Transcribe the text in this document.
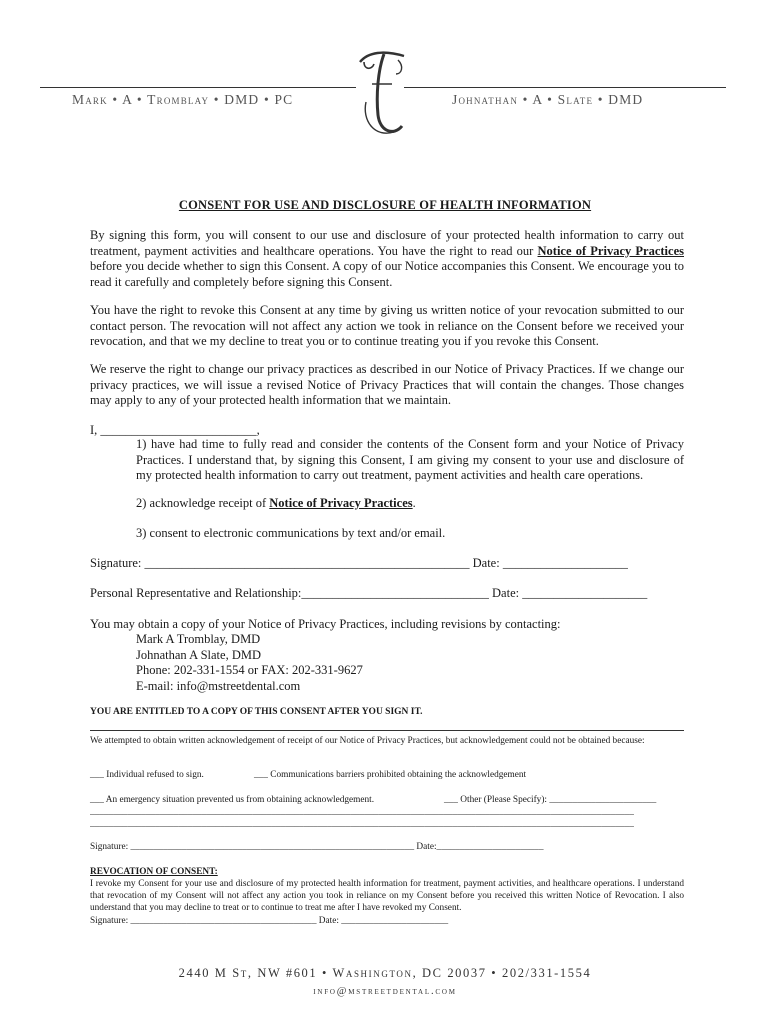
Mark • A • Tromblay • DMD • PC	Johnathan • A • Slate • DMD
CONSENT FOR USE AND DISCLOSURE OF HEALTH INFORMATION

By signing this form, you will consent to our use and disclosure of your protected health information to carry out treatment, payment activities and healthcare operations. You have the right to read our Notice of Privacy Practices before you decide whether to sign this Consent. A copy of our Notice accompanies this Consent. We encourage you to read it carefully and completely before signing this Consent.

You have the right to revoke this Consent at any time by giving us written notice of your revocation submitted to our contact person. The revocation will not affect any action we took in reliance on the Consent before we received your revocation, and that we my decline to treat you or to continue treating you if you revoke this Consent.

We reserve the right to change our privacy practices as described in our Notice of Privacy Practices. If we change our privacy practices, we will issue a revised Notice of Privacy Practices that will contain the changes. Those changes may apply to any of your protected health information that we maintain.

I, _________________________,

1) have had time to fully read and consider the contents of the Consent form and your Notice of Privacy Practices. I understand that, by signing this Consent, I am giving my consent to your use and disclosure of my protected health information to carry out treatment, payment activities and health care operations.

2) acknowledge receipt of Notice of Privacy Practices.
3) consent to electronic communications by text and/or email.
Signature: ____________________________________________________ Date: ____________________
Personal Representative and Relationship:______________________________ Date: ____________________
You may obtain a copy of your Notice of Privacy Practices, including revisions by contacting:
Mark A Tromblay, DMD
Johnathan A Slate, DMD
Phone: 202-331-1554 or FAX: 202-331-9627
E-mail: info@mstreetdental.com
YOU ARE ENTITLED TO A COPY OF THIS CONSENT AFTER YOU SIGN IT.

We attempted to obtain written acknowledgement of receipt of our Notice of Privacy Practices, but acknowledgement could not be obtained because:

___ Individual refused to sign.	___ Communications barriers prohibited obtaining the acknowledgement
___ An emergency situation prevented us from obtaining acknowledgement.	___ Other (Please Specify): _______________________
_____________________________________________________________________________________________________________________
_____________________________________________________________________________________________________________________
Signature: _____________________________________________________________ Date:_______________________
REVOCATION OF CONSENT:

I revoke my Consent for your use and disclosure of my protected health information for treatment, payment activities, and healthcare operations. I understand that revocation of my Consent will not affect any action you took in reliance on my Consent before you received this written Notice of Revocation. I also understand that you may decline to treat or to continue to treat me after I have revoked my Consent.

Signature: ________________________________________ Date: _______________________
2440 M St, NW #601 • Washington, DC 20037 • 202/331-1554
info@mstreetdental.com
